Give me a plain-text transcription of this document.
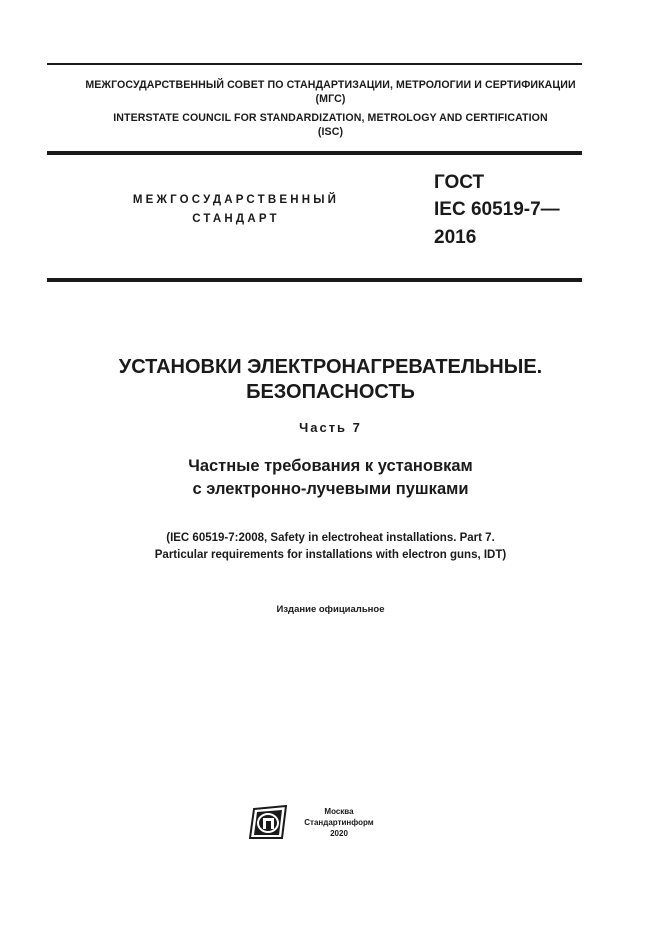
МЕЖГОСУДАРСТВЕННЫЙ СОВЕТ ПО СТАНДАРТИЗАЦИИ, МЕТРОЛОГИИ И СЕРТИФИКАЦИИ
(МГС)
INTERSTATE COUNCIL FOR STANDARDIZATION, METROLOGY AND CERTIFICATION
(ISC)
МЕЖГОСУДАРСТВЕННЫЙ
СТАНДАРТ
ГОСТ
IEC 60519-7—
2016
УСТАНОВКИ ЭЛЕКТРОНАГРЕВАТЕЛЬНЫЕ.
БЕЗОПАСНОСТЬ
Часть 7
Частные требования к установкам
с электронно-лучевыми пушками
(IEC 60519-7:2008, Safety in electroheat installations. Part 7.
Particular requirements for installations with electron guns, IDT)
Издание официальное
Москва
Стандартинформ
2020
